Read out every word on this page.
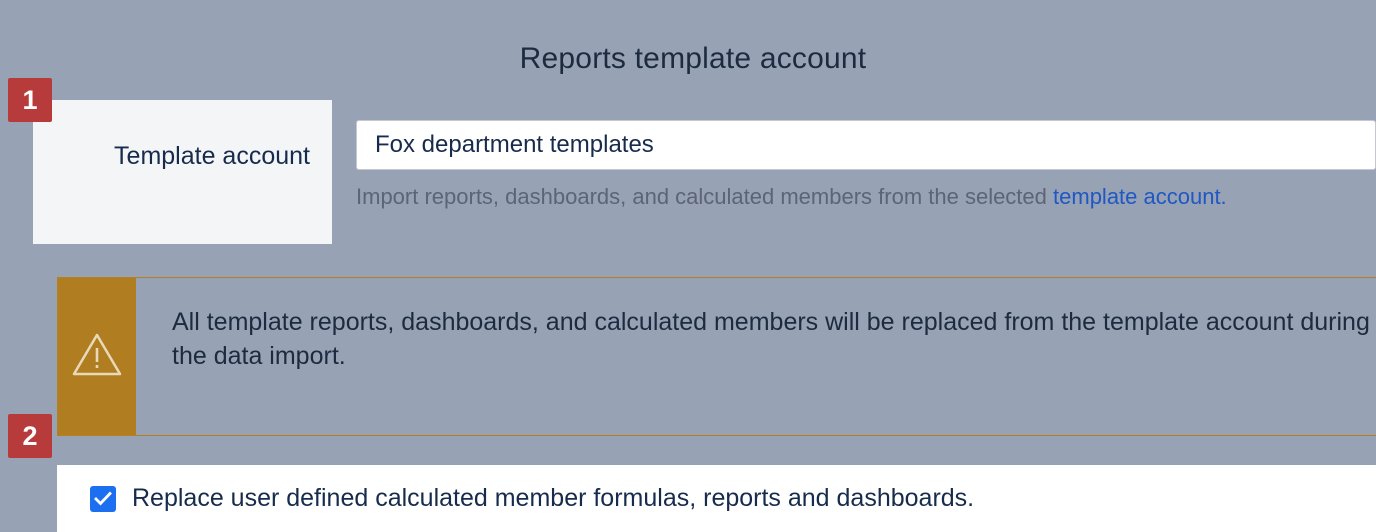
Reports template account
Template account	Fox department templates
Import reports, dashboards, and calculated members from the selected template account.
All template reports, dashboards, and calculated members will be replaced from the template account during the data import.
Replace user defined calculated member formulas, reports and dashboards.
1
2
